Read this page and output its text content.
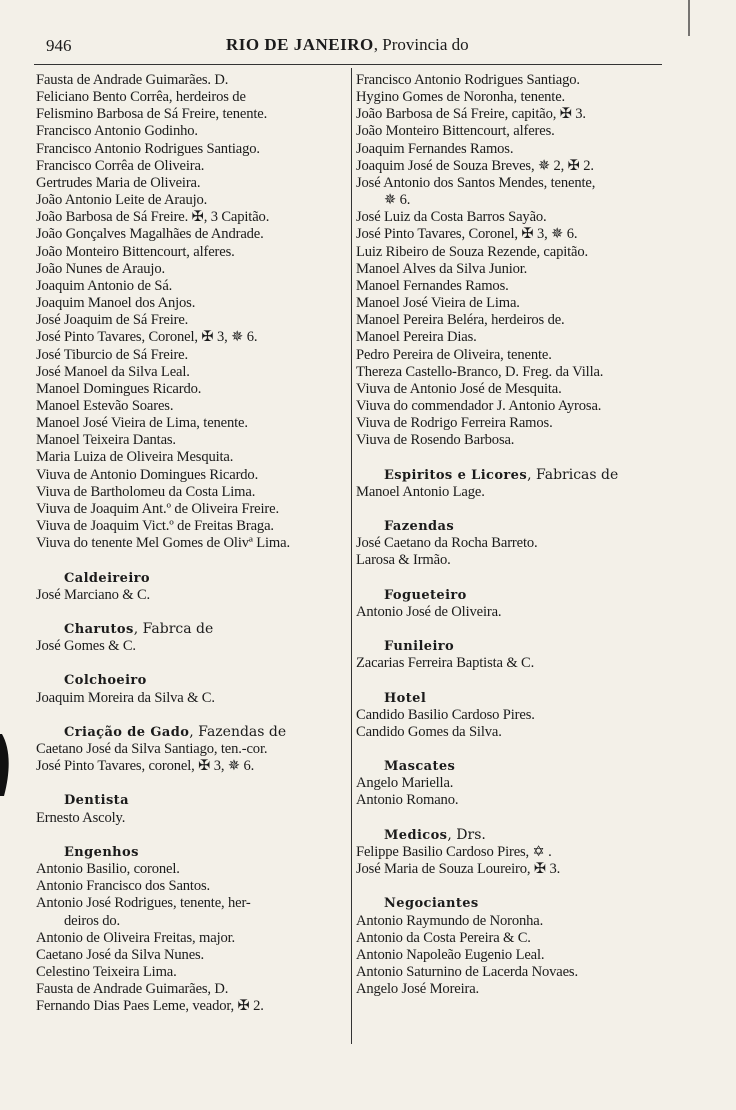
946	RIO DE JANEIRO, Provincia do
Fausta de Andrade Guimarães. D.
Feliciano Bento Corrêa, herdeiros de
Felismino Barbosa de Sá Freire, tenente.
Francisco Antonio Godinho.
Francisco Antonio Rodrigues Santiago.
Francisco Corrêa de Oliveira.
Gertrudes Maria de Oliveira.
João Antonio Leite de Araujo.
João Barbosa de Sá Freire. ✠, 3 Capitão.
João Gonçalves Magalhães de Andrade.
João Monteiro Bittencourt, alferes.
João Nunes de Araujo.
Joaquim Antonio de Sá.
Joaquim Manoel dos Anjos.
José Joaquim de Sá Freire.
José Pinto Tavares, Coronel, ✠ 3, ✵ 6.
José Tiburcio de Sá Freire.
José Manoel da Silva Leal.
Manoel Domingues Ricardo.
Manoel Estevão Soares.
Manoel José Vieira de Lima, tenente.
Manoel Teixeira Dantas.
Maria Luiza de Oliveira Mesquita.
Viuva de Antonio Domingues Ricardo.
Viuva de Bartholomeu da Costa Lima.
Viuva de Joaquim Ant.º de Oliveira Freire.
Viuva de Joaquim Vict.º de Freitas Braga.
Viuva do tenente Mel Gomes de Olivª Lima.
Caldeireiro
José Marciano & C.
Charutos, Fabrca de
José Gomes & C.
Colchoeiro
Joaquim Moreira da Silva & C.
Criação de Gado, Fazendas de
Caetano José da Silva Santiago, ten.-cor.
José Pinto Tavares, coronel, ✠ 3, ✵ 6.
Dentista
Ernesto Ascoly.
Engenhos
Antonio Basilio, coronel.
Antonio Francisco dos Santos.
Antonio José Rodrigues, tenente, her-
deiros do.
Antonio de Oliveira Freitas, major.
Caetano José da Silva Nunes.
Celestino Teixeira Lima.
Fausta de Andrade Guimarães, D.
Fernando Dias Paes Leme, veador, ✠ 2.
Francisco Antonio Rodrigues Santiago.
Hygino Gomes de Noronha, tenente.
João Barbosa de Sá Freire, capitão, ✠ 3.
João Monteiro Bittencourt, alferes.
Joaquim Fernandes Ramos.
Joaquim José de Souza Breves, ✵ 2, ✠ 2.
José Antonio dos Santos Mendes, tenente,
✵ 6.
José Luiz da Costa Barros Sayão.
José Pinto Tavares, Coronel, ✠ 3, ✵ 6.
Luiz Ribeiro de Souza Rezende, capitão.
Manoel Alves da Silva Junior.
Manoel Fernandes Ramos.
Manoel José Vieira de Lima.
Manoel Pereira Beléra, herdeiros de.
Manoel Pereira Dias.
Pedro Pereira de Oliveira, tenente.
Thereza Castello-Branco, D. Freg. da Villa.
Viuva de Antonio José de Mesquita.
Viuva do commendador J. Antonio Ayrosa.
Viuva de Rodrigo Ferreira Ramos.
Viuva de Rosendo Barbosa.
Espiritos e Licores, Fabricas de
Manoel Antonio Lage.
Fazendas
José Caetano da Rocha Barreto.
Larosa & Irmão.
Fogueteiro
Antonio José de Oliveira.
Funileiro
Zacarias Ferreira Baptista & C.
Hotel
Candido Basilio Cardoso Pires.
Candido Gomes da Silva.
Mascates
Angelo Mariella.
Antonio Romano.
Medicos, Drs.
Felippe Basilio Cardoso Pires, ✡ .
José Maria de Souza Loureiro, ✠ 3.
Negociantes
Antonio Raymundo de Noronha.
Antonio da Costa Pereira & C.
Antonio Napoleão Eugenio Leal.
Antonio Saturnino de Lacerda Novaes.
Angelo José Moreira.
